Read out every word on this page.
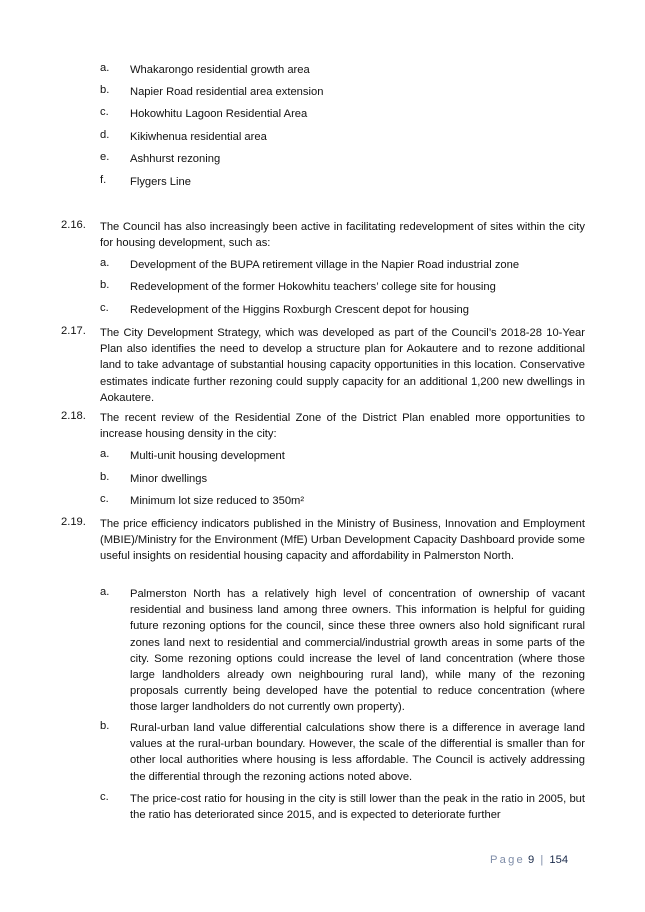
a. Whakarongo residential growth area
b. Napier Road residential area extension
c. Hokowhitu Lagoon Residential Area
d. Kikiwhenua residential area
e. Ashhurst rezoning
f. Flygers Line
2.16. The Council has also increasingly been active in facilitating redevelopment of sites within the city for housing development, such as:
a. Development of the BUPA retirement village in the Napier Road industrial zone
b. Redevelopment of the former Hokowhitu teachers’ college site for housing
c. Redevelopment of the Higgins Roxburgh Crescent depot for housing
2.17. The City Development Strategy, which was developed as part of the Council’s 2018-28 10-Year Plan also identifies the need to develop a structure plan for Aokautere and to rezone additional land to take advantage of substantial housing capacity opportunities in this location. Conservative estimates indicate further rezoning could supply capacity for an additional 1,200 new dwellings in Aokautere.
2.18. The recent review of the Residential Zone of the District Plan enabled more opportunities to increase housing density in the city:
a. Multi-unit housing development
b. Minor dwellings
c. Minimum lot size reduced to 350m²
2.19. The price efficiency indicators published in the Ministry of Business, Innovation and Employment (MBIE)/Ministry for the Environment (MfE) Urban Development Capacity Dashboard provide some useful insights on residential housing capacity and affordability in Palmerston North.
a. Palmerston North has a relatively high level of concentration of ownership of vacant residential and business land among three owners. This information is helpful for guiding future rezoning options for the council, since these three owners also hold significant rural zones land next to residential and commercial/industrial growth areas in some parts of the city. Some rezoning options could increase the level of land concentration (where those large landholders already own neighbouring rural land), while many of the rezoning proposals currently being developed have the potential to reduce concentration (where those larger landholders do not currently own property).
b. Rural-urban land value differential calculations show there is a difference in average land values at the rural-urban boundary. However, the scale of the differential is smaller than for other local authorities where housing is less affordable. The Council is actively addressing the differential through the rezoning actions noted above.
c. The price-cost ratio for housing in the city is still lower than the peak in the ratio in 2005, but the ratio has deteriorated since 2015, and is expected to deteriorate further
Page 9 | 154
